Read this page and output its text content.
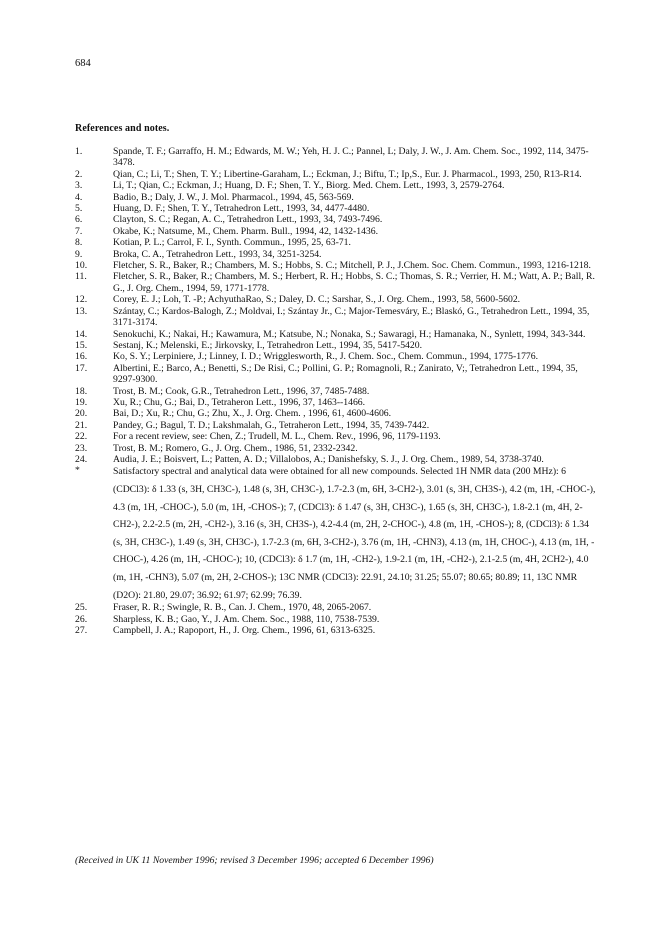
684
References and notes.
1.	Spande, T. F.; Garraffo, H. M.; Edwards, M. W.; Yeh, H. J. C.; Pannel, L; Daly, J. W., J. Am. Chem. Soc., 1992, 114, 3475-3478.
2.	Qian, C.; Li, T.; Shen, T. Y.; Libertine-Garaham, L.; Eckman, J.; Biftu, T.; Ip,S., Eur. J. Pharmacol., 1993, 250, R13-R14.
3.	Li, T.; Qian, C.; Eckman, J.; Huang, D. F.; Shen, T. Y., Biorg. Med. Chem. Lett., 1993, 3, 2579-2764.
4.	Badio, B.; Daly, J. W., J. Mol. Pharmacol., 1994, 45, 563-569.
5.	Huang, D. F.; Shen, T. Y., Tetrahedron Lett., 1993, 34, 4477-4480.
6.	Clayton, S. C.; Regan, A. C., Tetrahedron Lett., 1993, 34, 7493-7496.
7.	Okabe, K.; Natsume, M., Chem. Pharm. Bull., 1994, 42, 1432-1436.
8.	Kotian, P. L.; Carrol, F. I., Synth. Commun., 1995, 25, 63-71.
9.	Broka, C. A., Tetrahedron Lett., 1993, 34, 3251-3254.
10.	Fletcher, S. R., Baker, R.; Chambers, M. S.; Hobbs, S. C.; Mitchell, P. J., J.Chem. Soc. Chem. Commun., 1993, 1216-1218.
11.	Fletcher, S. R., Baker, R.; Chambers, M. S.; Herbert, R. H.; Hobbs, S. C.; Thomas, S. R.; Verrier, H. M.; Watt, A. P.; Ball, R. G., J. Org. Chem., 1994, 59, 1771-1778.
12.	Corey, E. J.; Loh, T. -P.; AchyuthaRao, S.; Daley, D. C.; Sarshar, S., J. Org. Chem., 1993, 58, 5600-5602.
13.	Szántay, C.; Kardos-Balogh, Z.; Moldvai, I.; Szántay Jr., C.; Major-Temesváry, E.; Blaskó, G., Tetrahedron Lett., 1994, 35, 3171-3174.
14.	Senokuchi, K.; Nakai, H.; Kawamura, M.; Katsube, N.; Nonaka, S.; Sawaragi, H.; Hamanaka, N., Synlett, 1994, 343-344.
15.	Sestanj, K.; Melenski, E.; Jirkovsky, I., Tetrahedron Lett., 1994, 35, 5417-5420.
16.	Ko, S. Y.; Lerpiniere, J.; Linney, I. D.; Wrigglesworth, R., J. Chem. Soc., Chem. Commun., 1994, 1775-1776.
17.	Albertini, E.; Barco, A.; Benetti, S.; De Risi, C.; Pollini, G. P.; Romagnoli, R.; Zanirato, V;, Tetrahedron Lett., 1994, 35, 9297-9300.
18.	Trost, B. M.; Cook, G.R., Tetrahedron Lett., 1996, 37, 7485-7488.
19.	Xu, R.; Chu, G.; Bai, D., Tetraheron Lett., 1996, 37, 1463--1466.
20.	Bai, D.; Xu, R.; Chu, G.; Zhu, X., J. Org. Chem. , 1996, 61, 4600-4606.
21.	Pandey, G.; Bagul, T. D.; Lakshmalah, G., Tetraheron Lett., 1994, 35, 7439-7442.
22.	For a recent review, see: Chen, Z.; Trudell, M. L., Chem. Rev., 1996, 96, 1179-1193.
23.	Trost, B. M.; Romero, G., J. Org. Chem., 1986, 51, 2332-2342.
24.	Audia, J. E.; Boisvert, L.; Patten, A. D.; Villalobos, A.; Danishefsky, S. J., J. Org. Chem., 1989, 54, 3738-3740.
*	Satisfactory spectral and analytical data were obtained for all new compounds. Selected 1H NMR data (200 MHz): 6 (CDCl3): δ 1.33 (s, 3H, CH3C-), 1.48 (s, 3H, CH3C-), 1.7-2.3 (m, 6H, 3-CH2-), 3.01 (s, 3H, CH3S-), 4.2 (m, 1H, -CHOC-), 4.3 (m, 1H, -CHOC-), 5.0 (m, 1H, -CHOS-); 7, (CDCl3): δ 1.47 (s, 3H, CH3C-), 1.65 (s, 3H, CH3C-), 1.8-2.1 (m, 4H, 2-CH2-), 2.2-2.5 (m, 2H, -CH2-), 3.16 (s, 3H, CH3S-), 4.2-4.4 (m, 2H, 2-CHOC-), 4.8 (m, 1H, -CHOS-); 8, (CDCl3): δ 1.34 (s, 3H, CH3C-), 1.49 (s, 3H, CH3C-), 1.7-2.3 (m, 6H, 3-CH2-), 3.76 (m, 1H, -CHN3), 4.13 (m, 1H, CHOC-), 4.13 (m, 1H, -CHOC-), 4.26 (m, 1H, -CHOC-); 10, (CDCl3): δ 1.7 (m, 1H, -CH2-), 1.9-2.1 (m, 1H, -CH2-), 2.1-2.5 (m, 4H, 2CH2-), 4.0 (m, 1H, -CHN3), 5.07 (m, 2H, 2-CHOS-); 13C NMR (CDCl3): 22.91, 24.10; 31.25; 55.07; 80.65; 80.89; 11, 13C NMR (D2O): 21.80, 29.07; 36.92; 61.97; 62.99; 76.39.
25.	Fraser, R. R.; Swingle, R. B., Can. J. Chem., 1970, 48, 2065-2067.
26.	Sharpless, K. B.; Gao, Y., J. Am. Chem. Soc., 1988, 110, 7538-7539.
27.	Campbell, J. A.; Rapoport, H., J. Org. Chem., 1996, 61, 6313-6325.
(Received in UK 11 November 1996; revised 3 December 1996; accepted 6 December 1996)
